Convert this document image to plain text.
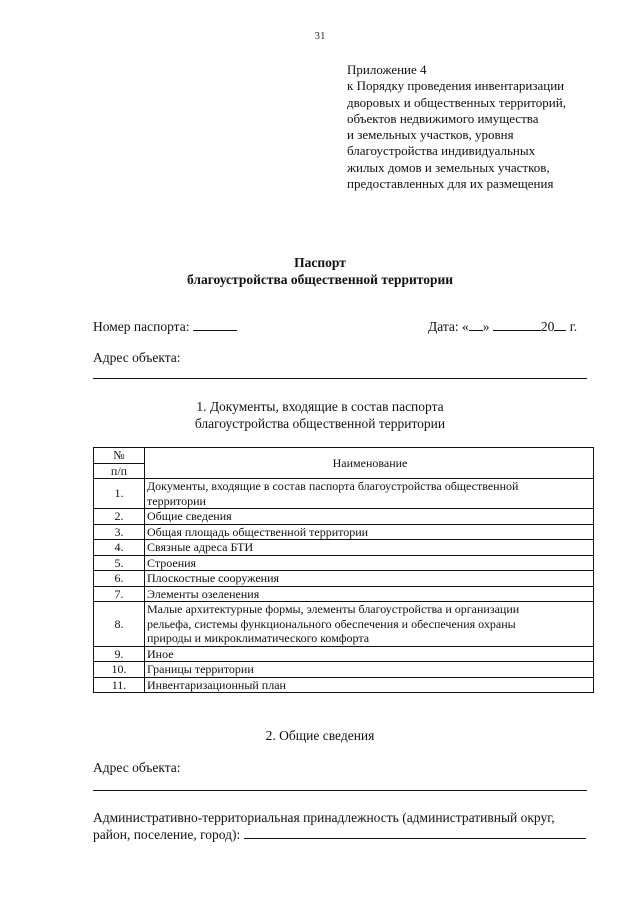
31
Приложение 4
к Порядку проведения инвентаризации
дворовых и общественных территорий,
объектов недвижимого имущества
и земельных участков, уровня
благоустройства индивидуальных
жилых домов и земельных участков,
предоставленных для их размещения
Паспорт
благоустройства общественной территории
Номер паспорта:	Дата: « »	20 г.
Адрес объекта:
1. Документы, входящие в состав паспорта
благоустройства общественной территории
№	Наименование
п/п	
1.	Документы, входящие в состав паспорта благоустройства общественной
территории

2.	Общие сведения
3.	Общая площадь общественной территории
4.	Связные адреса БТИ
5.	Строения
6.	Плоскостные сооружения
7.	Элементы озеленения
8.	Малые архитектурные формы, элементы благоустройства и организации
рельефа, системы функционального обеспечения и обеспечения охраны
природы и микроклиматического комфорта

9.	Иное
10.	Границы территории
11.	Инвентаризационный план
2. Общие сведения
Адрес объекта:
Административно-территориальная принадлежность (административный округ,
район, поселение, город):
